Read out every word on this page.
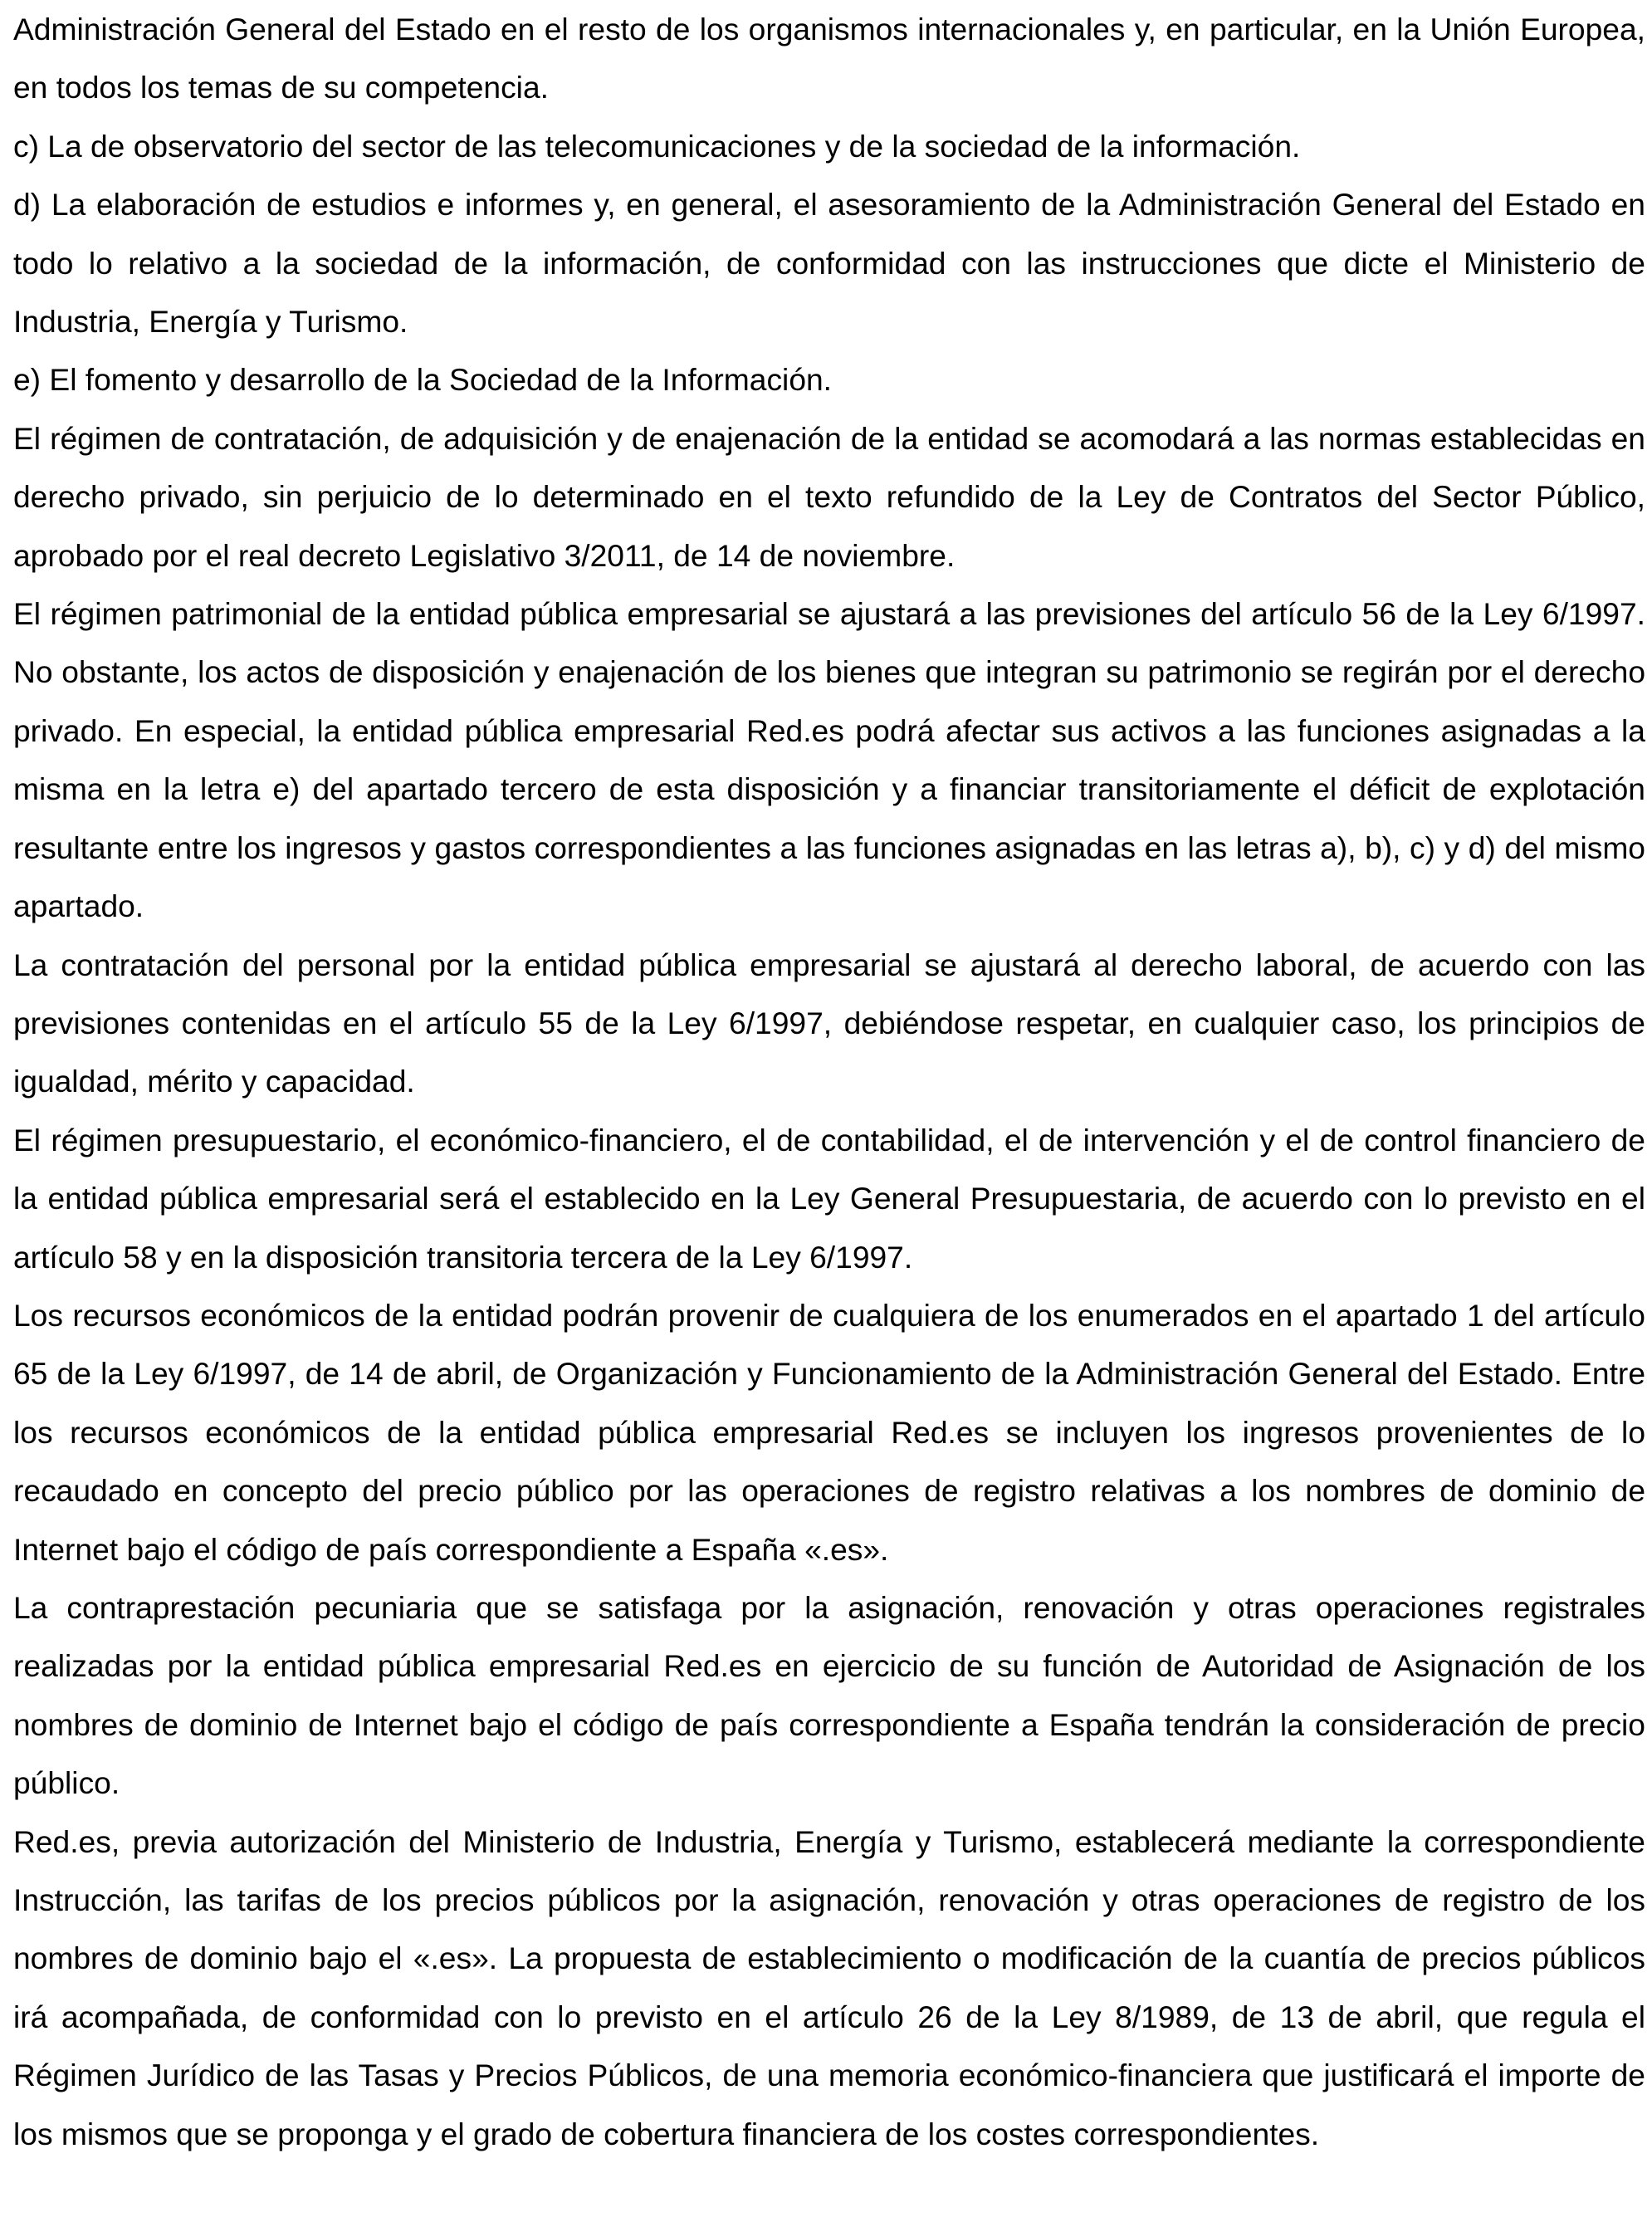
Administración General del Estado en el resto de los organismos internacionales y, en particular, en la Unión Europea, en todos los temas de su competencia.

c) La de observatorio del sector de las telecomunicaciones y de la sociedad de la información.

d) La elaboración de estudios e informes y, en general, el asesoramiento de la Administración General del Estado en todo lo relativo a la sociedad de la información, de conformidad con las instrucciones que dicte el Ministerio de Industria, Energía y Turismo.

e) El fomento y desarrollo de la Sociedad de la Información.

El régimen de contratación, de adquisición y de enajenación de la entidad se acomodará a las normas establecidas en derecho privado, sin perjuicio de lo determinado en el texto refundido de la Ley de Contratos del Sector Público, aprobado por el real decreto Legislativo 3/2011, de 14 de noviembre.

El régimen patrimonial de la entidad pública empresarial se ajustará a las previsiones del artículo 56 de la Ley 6/1997. No obstante, los actos de disposición y enajenación de los bienes que integran su patrimonio se regirán por el derecho privado. En especial, la entidad pública empresarial Red.es podrá afectar sus activos a las funciones asignadas a la misma en la letra e) del apartado tercero de esta disposición y a financiar transitoriamente el déficit de explotación resultante entre los ingresos y gastos correspondientes a las funciones asignadas en las letras a), b), c) y d) del mismo apartado.

La contratación del personal por la entidad pública empresarial se ajustará al derecho laboral, de acuerdo con las previsiones contenidas en el artículo 55 de la Ley 6/1997, debiéndose respetar, en cualquier caso, los principios de igualdad, mérito y capacidad.

El régimen presupuestario, el económico-financiero, el de contabilidad, el de intervención y el de control financiero de la entidad pública empresarial será el establecido en la Ley General Presupuestaria, de acuerdo con lo previsto en el artículo 58 y en la disposición transitoria tercera de la Ley 6/1997.

Los recursos económicos de la entidad podrán provenir de cualquiera de los enumerados en el apartado 1 del artículo 65 de la Ley 6/1997, de 14 de abril, de Organización y Funcionamiento de la Administración General del Estado. Entre los recursos económicos de la entidad pública empresarial Red.es se incluyen los ingresos provenientes de lo recaudado en concepto del precio público por las operaciones de registro relativas a los nombres de dominio de Internet bajo el código de país correspondiente a España «.es».

La contraprestación pecuniaria que se satisfaga por la asignación, renovación y otras operaciones registrales realizadas por la entidad pública empresarial Red.es en ejercicio de su función de Autoridad de Asignación de los nombres de dominio de Internet bajo el código de país correspondiente a España tendrán la consideración de precio público.

Red.es, previa autorización del Ministerio de Industria, Energía y Turismo, establecerá mediante la correspondiente Instrucción, las tarifas de los precios públicos por la asignación, renovación y otras operaciones de registro de los nombres de dominio bajo el «.es». La propuesta de establecimiento o modificación de la cuantía de precios públicos irá acompañada, de conformidad con lo previsto en el artículo 26 de la Ley 8/1989, de 13 de abril, que regula el Régimen Jurídico de las Tasas y Precios Públicos, de una memoria económico-financiera que justificará el importe de los mismos que se proponga y el grado de cobertura financiera de los costes correspondientes.
